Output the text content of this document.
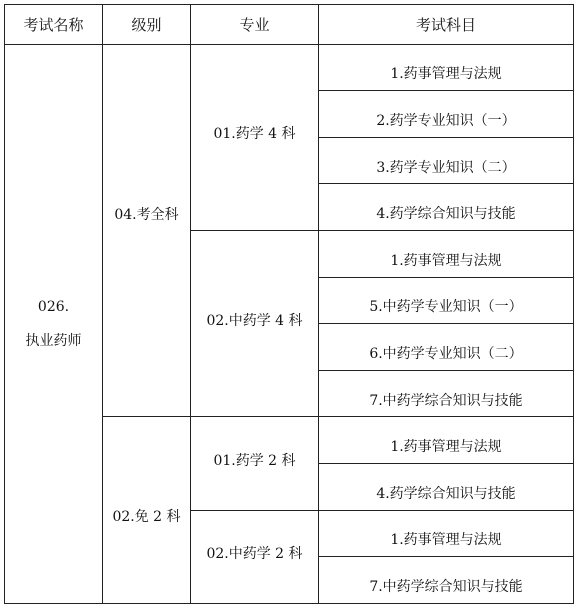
考试名称	级别	专业	考试科目

026.
执业药师	04.考全科	01.药学 4 科	1.药事管理与法规
			2.药学专业知识（一）
			3.药学专业知识（二）
			4.药学综合知识与技能
		02.中药学 4 科	1.药事管理与法规
			5.中药学专业知识（一）
			6.中药学专业知识（二）
			7.中药学综合知识与技能
	02.免 2 科	01.药学 2 科	1.药事管理与法规
			4.药学综合知识与技能
		02.中药学 2 科	1.药事管理与法规
			7.中药学综合知识与技能
